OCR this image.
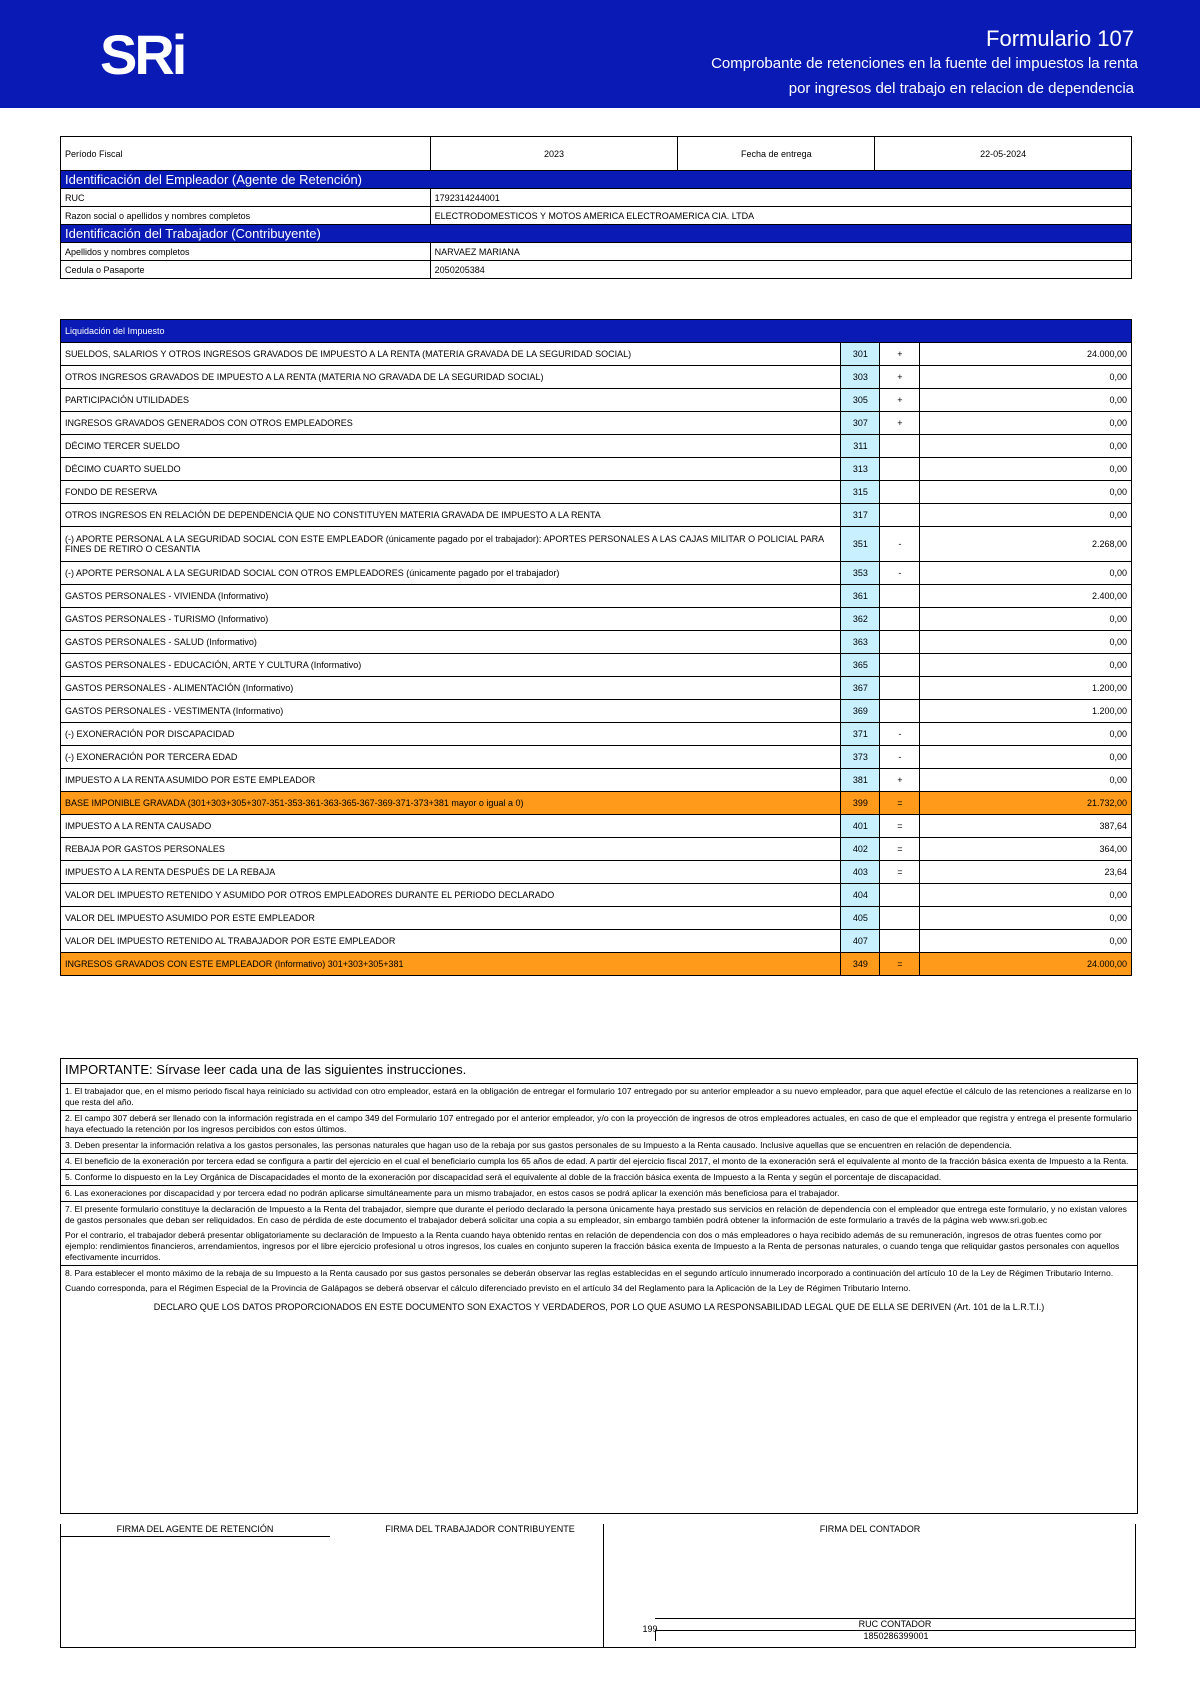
SRi	Formulario 107
Comprobante de retenciones en la fuente del impuestos la renta
por ingresos del trabajo en relacion de dependencia
Período Fiscal	2023	Fecha de entrega	22-05-2024
Identificación del Empleador (Agente de Retención)			
RUC	1792314244001		
Razon social o apellidos y nombres completos	ELECTRODOMESTICOS Y MOTOS AMERICA ELECTROAMERICA CIA. LTDA		
Identificación del Trabajador (Contribuyente)			
Apellidos y nombres completos	NARVAEZ MARIANA		
Cedula o Pasaporte	2050205384		
Liquidación del Impuesto			
SUELDOS, SALARIOS Y OTROS INGRESOS GRAVADOS DE IMPUESTO A LA RENTA (MATERIA GRAVADA DE LA SEGURIDAD SOCIAL)	301	+	24.000,00
OTROS INGRESOS GRAVADOS DE IMPUESTO A LA RENTA (MATERIA NO GRAVADA DE LA SEGURIDAD SOCIAL)	303	+	0,00
PARTICIPACIÓN UTILIDADES	305	+	0,00
INGRESOS GRAVADOS GENERADOS CON OTROS EMPLEADORES	307	+	0,00
DÉCIMO TERCER SUELDO	311		0,00
DÉCIMO CUARTO SUELDO	313		0,00
FONDO DE RESERVA	315		0,00
OTROS INGRESOS EN RELACIÓN DE DEPENDENCIA QUE NO CONSTITUYEN MATERIA GRAVADA DE IMPUESTO A LA RENTA	317		0,00
(-) APORTE PERSONAL A LA SEGURIDAD SOCIAL CON ESTE EMPLEADOR (únicamente pagado por el trabajador): APORTES PERSONALES A LAS CAJAS MILITAR O POLICIAL PARA FINES DE RETIRO O CESANTIA	351	-	2.268,00
(-) APORTE PERSONAL A LA SEGURIDAD SOCIAL CON OTROS EMPLEADORES (únicamente pagado por el trabajador)	353	-	0,00
GASTOS PERSONALES - VIVIENDA (Informativo)	361		2.400,00
GASTOS PERSONALES - TURISMO (Informativo)	362		0,00
GASTOS PERSONALES - SALUD (Informativo)	363		0,00
GASTOS PERSONALES - EDUCACIÓN, ARTE Y CULTURA (Informativo)	365		0,00
GASTOS PERSONALES - ALIMENTACIÓN (Informativo)	367		1.200,00
GASTOS PERSONALES - VESTIMENTA (Informativo)	369		1.200,00
(-) EXONERACIÓN POR DISCAPACIDAD	371	-	0,00
(-) EXONERACIÓN POR TERCERA EDAD	373	-	0,00
IMPUESTO A LA RENTA ASUMIDO POR ESTE EMPLEADOR	381	+	0,00
BASE IMPONIBLE GRAVADA (301+303+305+307-351-353-361-363-365-367-369-371-373+381 mayor o igual a 0)	399	=	21.732,00
IMPUESTO A LA RENTA CAUSADO	401	=	387,64
REBAJA POR GASTOS PERSONALES	402	=	364,00
IMPUESTO A LA RENTA DESPUÉS DE LA REBAJA	403	=	23,64
VALOR DEL IMPUESTO RETENIDO Y ASUMIDO POR OTROS EMPLEADORES DURANTE EL PERIODO DECLARADO	404		0,00
VALOR DEL IMPUESTO ASUMIDO POR ESTE EMPLEADOR	405		0,00
VALOR DEL IMPUESTO RETENIDO AL TRABAJADOR POR ESTE EMPLEADOR	407		0,00
INGRESOS GRAVADOS CON ESTE EMPLEADOR (Informativo) 301+303+305+381	349	=	24.000,00
IMPORTANTE: Sírvase leer cada una de las siguientes instrucciones.
1. El trabajador que, en el mismo periodo fiscal haya reiniciado su actividad con otro empleador, estará en la obligación de entregar el formulario 107 entregado por su anterior empleador a su nuevo empleador, para que aquel efectúe el cálculo de las retenciones a realizarse en lo que resta del año.
2. El campo 307 deberá ser llenado con la información registrada en el campo 349 del Formulario 107 entregado por el anterior empleador, y/o con la proyección de ingresos de otros empleadores actuales, en caso de que el empleador que registra y entrega el presente formulario haya efectuado la retención por los ingresos percibidos con estos últimos.
3. Deben presentar la información relativa a los gastos personales, las personas naturales que hagan uso de la rebaja por sus gastos personales de su Impuesto a la Renta causado. Inclusive aquellas que se encuentren en relación de dependencia.
4. El beneficio de la exoneración por tercera edad se configura a partir del ejercicio en el cual el beneficiario cumpla los 65 años de edad. A partir del ejercicio fiscal 2017, el monto de la exoneración será el equivalente al monto de la fracción básica exenta de Impuesto a la Renta.
5. Conforme lo dispuesto en la Ley Orgánica de Discapacidades el monto de la exoneración por discapacidad será el equivalente al doble de la fracción básica exenta de Impuesto a la Renta y según el porcentaje de discapacidad.
6. Las exoneraciones por discapacidad y por tercera edad no podrán aplicarse simultáneamente para un mismo trabajador, en estos casos se podrá aplicar la exención más beneficiosa para el trabajador.
7. El presente formulario constituye la declaración de Impuesto a la Renta del trabajador, siempre que durante el periodo declarado la persona únicamente haya prestado sus servicios en relación de dependencia con el empleador que entrega este formulario, y no existan valores de gastos personales que deban ser reliquidados. En caso de pérdida de este documento el trabajador deberá solicitar una copia a su empleador, sin embargo también podrá obtener la información de este formulario a través de la página web www.sri.gob.ec
Por el contrario, el trabajador deberá presentar obligatoriamente su declaración de Impuesto a la Renta cuando haya obtenido rentas en relación de dependencia con dos o más empleadores o haya recibido además de su remuneración, ingresos de otras fuentes como por ejemplo: rendimientos financieros, arrendamientos, ingresos por el libre ejercicio profesional u otros ingresos, los cuales en conjunto superen la fracción básica exenta de Impuesto a la Renta de personas naturales, o cuando tenga que reliquidar gastos personales con aquellos efectivamente incurridos.
8. Para establecer el monto máximo de la rebaja de su Impuesto a la Renta causado por sus gastos personales se deberán observar las reglas establecidas en el segundo artículo innumerado incorporado a continuación del artículo 10 de la Ley de Régimen Tributario Interno.
Cuando corresponda, para el Régimen Especial de la Provincia de Galápagos se deberá observar el cálculo diferenciado previsto en el artículo 34 del Reglamento para la Aplicación de la Ley de Régimen Tributario Interno.
DECLARO QUE LOS DATOS PROPORCIONADOS EN ESTE DOCUMENTO SON EXACTOS Y VERDADEROS, POR LO QUE ASUMO LA RESPONSABILIDAD LEGAL QUE DE ELLA SE DERIVEN (Art. 101 de la L.R.T.I.)
FIRMA DEL AGENTE DE RETENCIÓN	FIRMA DEL TRABAJADOR CONTRIBUYENTE	FIRMA DEL CONTADOR
199	RUC CONTADOR
1850286399001
